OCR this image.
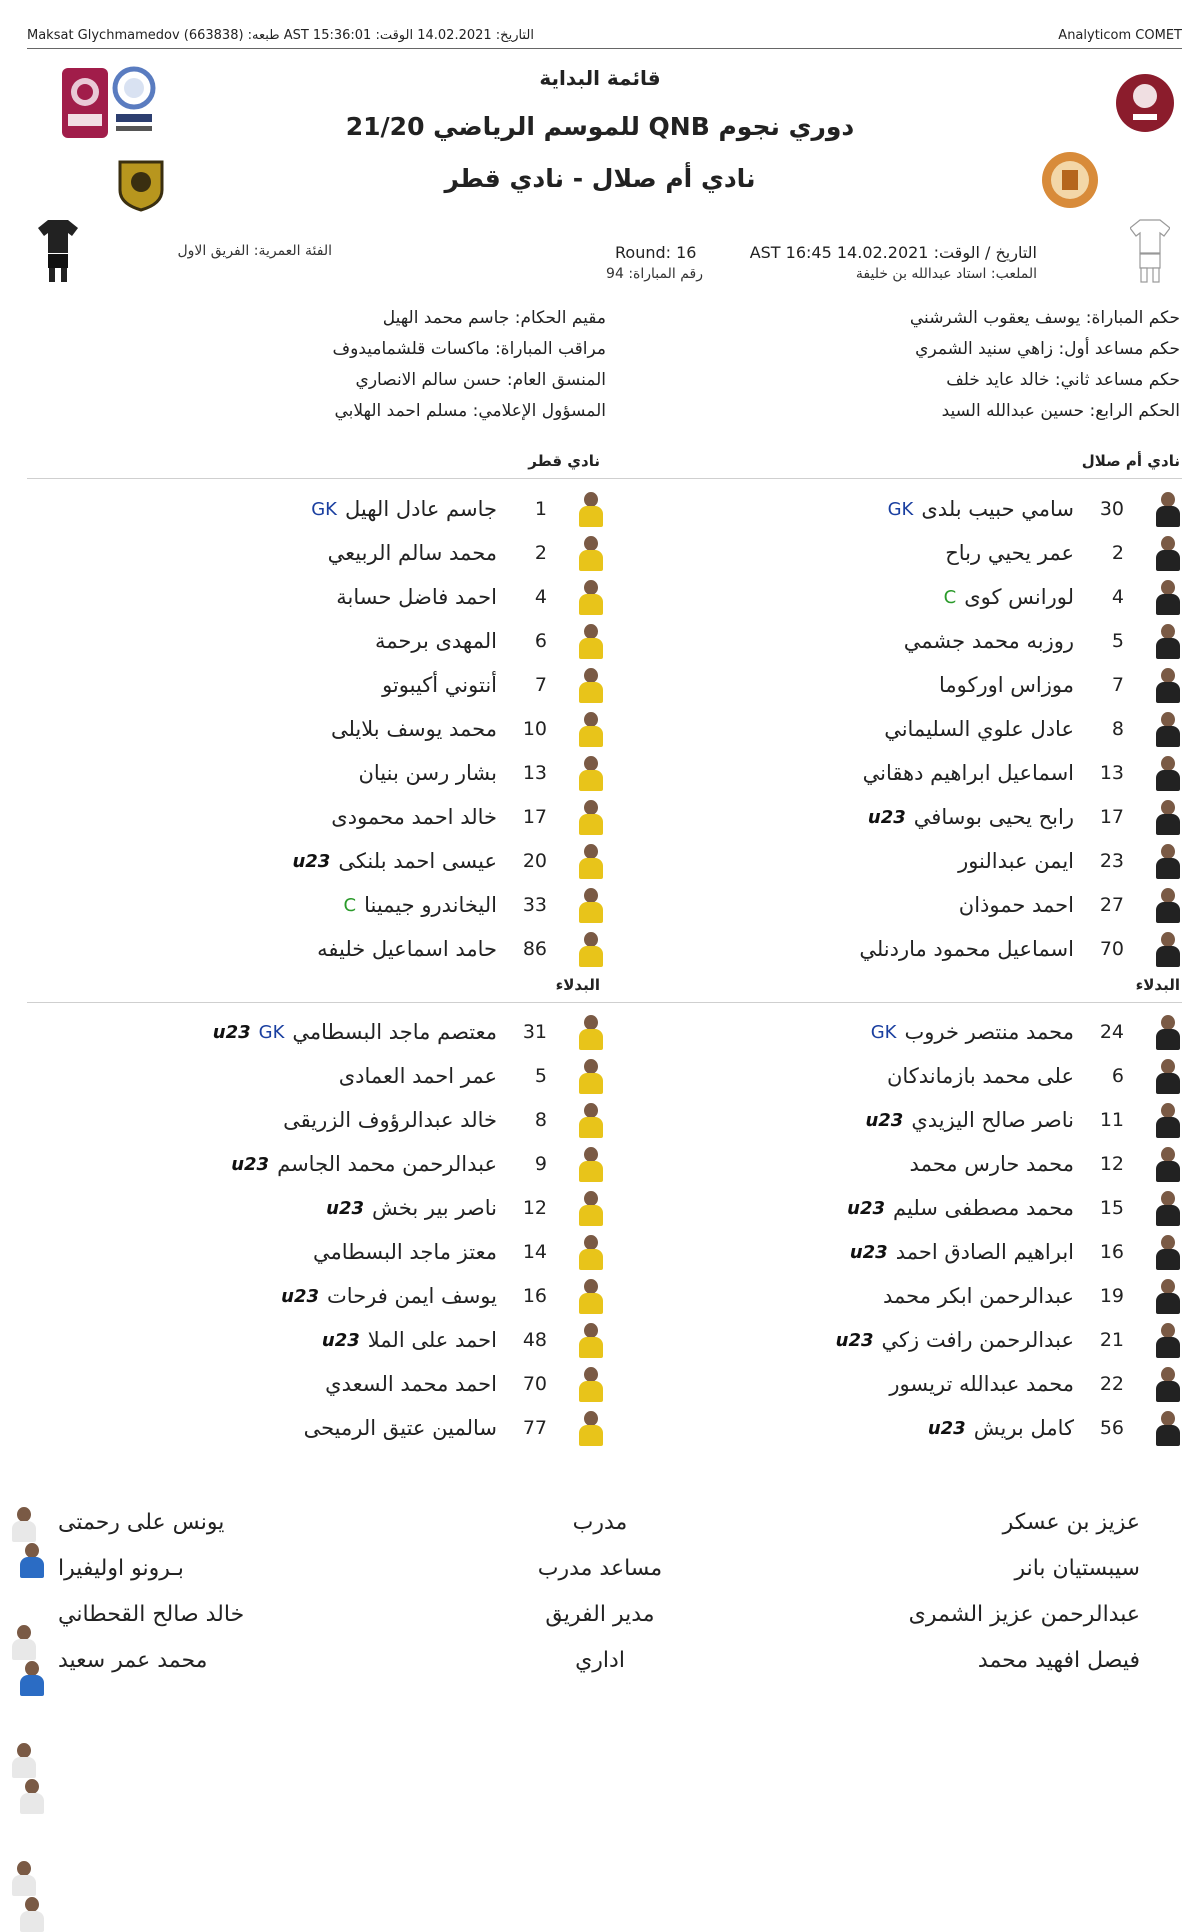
التاريخ: 14.02.2021 الوقت: AST 15:36:01 طبعه: Maksat Glychmamedov (663838)	Analyticom COMET
قائمة البداية
دوري نجوم QNB للموسم الرياضي 21/20
نادي أم صلال - نادي قطر
التاريخ / الوقت: 14.02.2021 AST 16:45
الملعب: استاد عبدالله بن خليفة
Round: 16
رقم المباراة: 94
الفئة العمرية: الفريق الاول
حكم المباراة: يوسف يعقوب الشرشني
حكم مساعد أول: زاهي سنيد الشمري
حكم مساعد ثاني: خالد عايد خلف
الحكم الرابع: حسين عبدالله السيد
مقيم الحكام: جاسم محمد الهيل
مراقب المباراة: ماكسات قلشماميدوف
المنسق العام: حسن سالم الانصاري
المسؤول الإعلامي: مسلم احمد الهلابي
نادي أم صلال
نادي قطر
البدلاء
البدلاء
30
سامي حبيب بلدى
GK
2
عمر يحيي رباح
4
لورانس كوى
C
5
روزبه محمد جشمي
7
موزاس اوركوما
8
عادل علوي السليماني
13
اسماعيل ابراهيم دهقاني
17
رابح يحيى بوسافي
u23
23
ايمن عبدالنور
27
احمد حموذان
70
اسماعيل محمود ماردنلي
1
جاسم عادل الهيل
GK
2
محمد سالم الربيعي
4
احمد فاضل حسابة
6
المهدى برحمة
7
أنتوني أكيبوتو
10
محمد يوسف بلايلى
13
بشار رسن بنيان
17
خالد احمد محمودى
20
عيسى احمد بلنكى
u23
33
اليخاندرو جيمينا
C
86
حامد اسماعيل خليفه
24
محمد منتصر خروب
GK
6
على محمد بازماندكان
11
ناصر صالح اليزيدي
u23
12
محمد حارس محمد
15
محمد مصطفى سليم
u23
16
ابراهيم الصادق احمد
u23
19
عبدالرحمن ابكر محمد
21
عبدالرحمن رافت زكي
u23
22
محمد عبدالله تريسور
56
كامل بريش
u23
31
معتصم ماجد البسطامي
GK
u23
5
عمر احمد العمادى
8
خالد عبدالرؤوف الزريقى
9
عبدالرحمن محمد الجاسم
u23
12
ناصر بير بخش
u23
14
معتز ماجد البسطامي
16
يوسف ايمن فرحات
u23
48
احمد على الملا
u23
70
احمد محمد السعدي
77
سالمين عتيق الرميحى
عزيز بن عسكر
مدرب
يونس على رحمتى
سيبستيان بانر
مساعد مدرب
بـرونو اوليفيرا
عبدالرحمن عزيز الشمرى
مدير الفريق
خالد صالح القحطاني
فيصل افهيد محمد
اداري
محمد عمر سعيد
